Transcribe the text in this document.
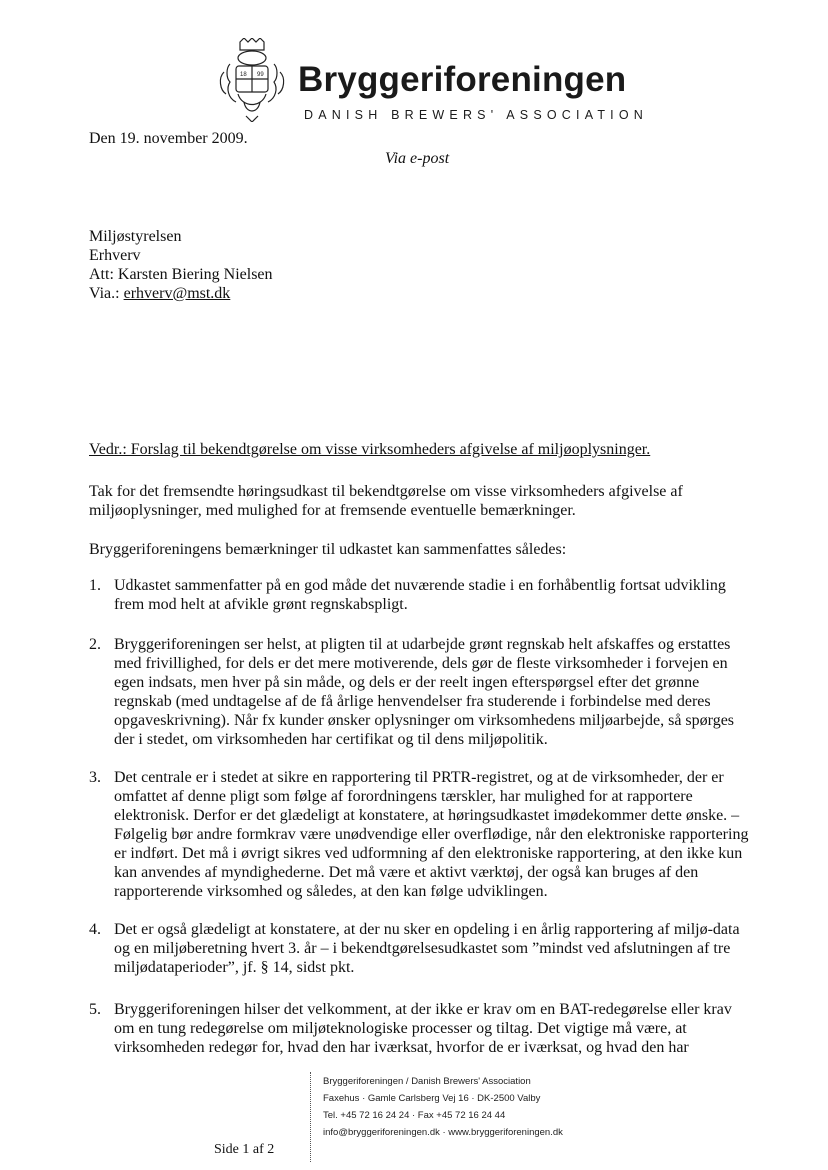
18 99 Bryggeriforeningen
DANISH BREWERS' ASSOCIATION
Den 19. november 2009.
Via e-post
Miljøstyrelsen
Erhverv
Att: Karsten Biering Nielsen
Via.: erhverv@mst.dk
Vedr.: Forslag til bekendtgørelse om visse virksomheders afgivelse af miljøoplysninger.
Tak for det fremsendte høringsudkast til bekendtgørelse om visse virksomheders afgivelse af miljøoplysninger, med mulighed for at fremsende eventuelle bemærkninger.
Bryggeriforeningens bemærkninger til udkastet kan sammenfattes således:
1. Udkastet sammenfatter på en god måde det nuværende stadie i en forhåbentlig fortsat udvikling frem mod helt at afvikle grønt regnskabspligt.
2. Bryggeriforeningen ser helst, at pligten til at udarbejde grønt regnskab helt afskaffes og erstattes med frivillighed, for dels er det mere motiverende, dels gør de fleste virksomheder i forvejen en egen indsats, men hver på sin måde, og dels er der reelt ingen efterspørgsel efter det grønne regnskab (med undtagelse af de få årlige henvendelser fra studerende i forbindelse med deres opgaveskrivning). Når fx kunder ønsker oplysninger om virksomhedens miljøarbejde, så spørges der i stedet, om virksomheden har certifikat og til dens miljøpolitik.
3. Det centrale er i stedet at sikre en rapportering til PRTR-registret, og at de virksomheder, der er omfattet af denne pligt som følge af forordningens tærskler, har mulighed for at rapportere elektronisk. Derfor er det glædeligt at konstatere, at høringsudkastet imødekommer dette ønske. – Følgelig bør andre formkrav være unødvendige eller overflødige, når den elektroniske rapportering er indført. Det må i øvrigt sikres ved udformning af den elektroniske rapportering, at den ikke kun kan anvendes af myndighederne. Det må være et aktivt værktøj, der også kan bruges af den rapporterende virksomhed og således, at den kan følge udviklingen.
4. Det er også glædeligt at konstatere, at der nu sker en opdeling i en årlig rapportering af miljø-data og en miljøberetning hvert 3. år – i bekendtgørelsesudkastet som ”mindst ved afslutningen af tre miljødataperioder”, jf. § 14, sidst pkt.
5. Bryggeriforeningen hilser det velkomment, at der ikke er krav om en BAT-redegørelse eller krav om en tung redegørelse om miljøteknologiske processer og tiltag. Det vigtige må være, at virksomheden redegør for, hvad den har iværksat, hvorfor de er iværksat, og hvad den har
Bryggeriforeningen / Danish Brewers' Association
Faxehus · Gamle Carlsberg Vej 16 · DK-2500 Valby
Tel. +45 72 16 24 24 · Fax +45 72 16 24 44
info@bryggeriforeningen.dk · www.bryggeriforeningen.dk
Side 1 af 2
